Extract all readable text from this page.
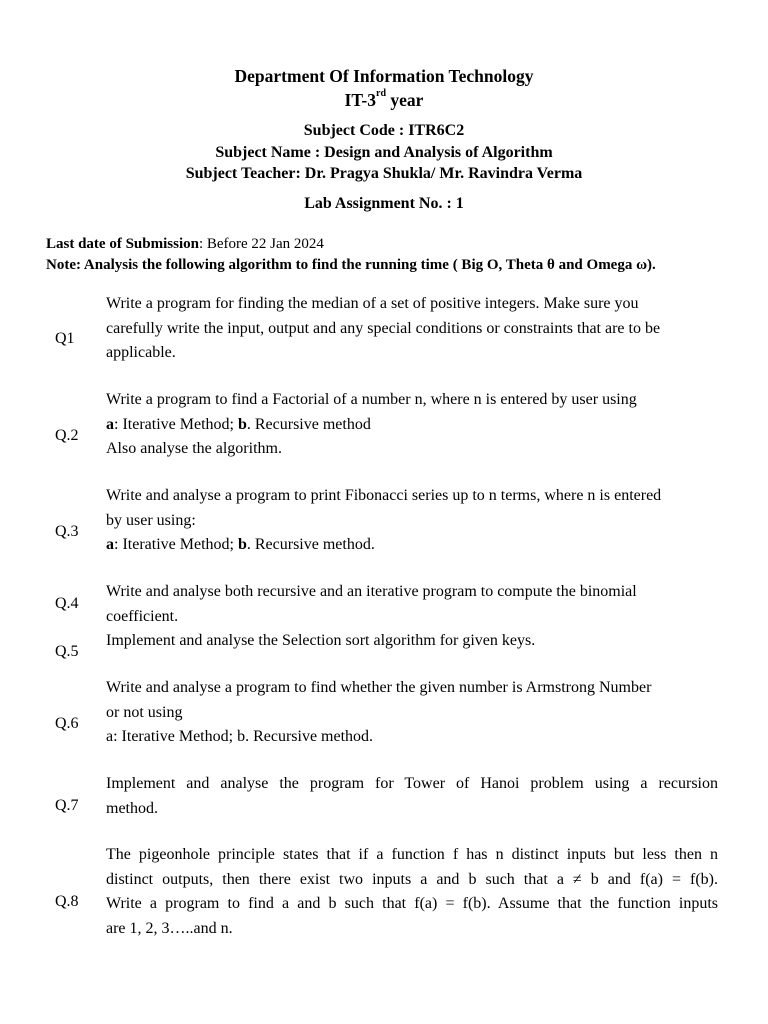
Department Of Information Technology
IT-3rd year
Subject Code : ITR6C2
Subject Name : Design and Analysis of Algorithm
Subject Teacher: Dr. Pragya Shukla/ Mr. Ravindra Verma
Lab Assignment No. : 1
Last date of Submission: Before 22 Jan 2024
Note: Analysis the following algorithm to find the running time ( Big O, Theta θ and Omega ω).
Q1
Write a program for finding the median of a set of positive integers. Make sure you
carefully write the input, output and any special conditions or constraints that are to be
applicable.
Q.2
Write a program to find a Factorial of a number n, where n is entered by user using
a: Iterative Method; b. Recursive method
Also analyse the algorithm.
Q.3
Write and analyse a program to print Fibonacci series up to n terms, where n is entered
by user using:
a: Iterative Method; b. Recursive method.
Q.4
Write and analyse both recursive and an iterative program to compute the binomial
coefficient.
Q.5
Implement and analyse the Selection sort algorithm for given keys.
Q.6
Write and analyse a program to find whether the given number is Armstrong Number
or not using
a: Iterative Method; b. Recursive method.
Q.7
Implement and analyse the program for Tower of Hanoi problem using a recursion
method.
Q.8
The pigeonhole principle states that if a function f has n distinct inputs but less then n
distinct outputs, then there exist two inputs a and b such that a ≠ b and f(a) = f(b).
Write a program to find a and b such that f(a) = f(b). Assume that the function inputs
are 1, 2, 3…..and n.
